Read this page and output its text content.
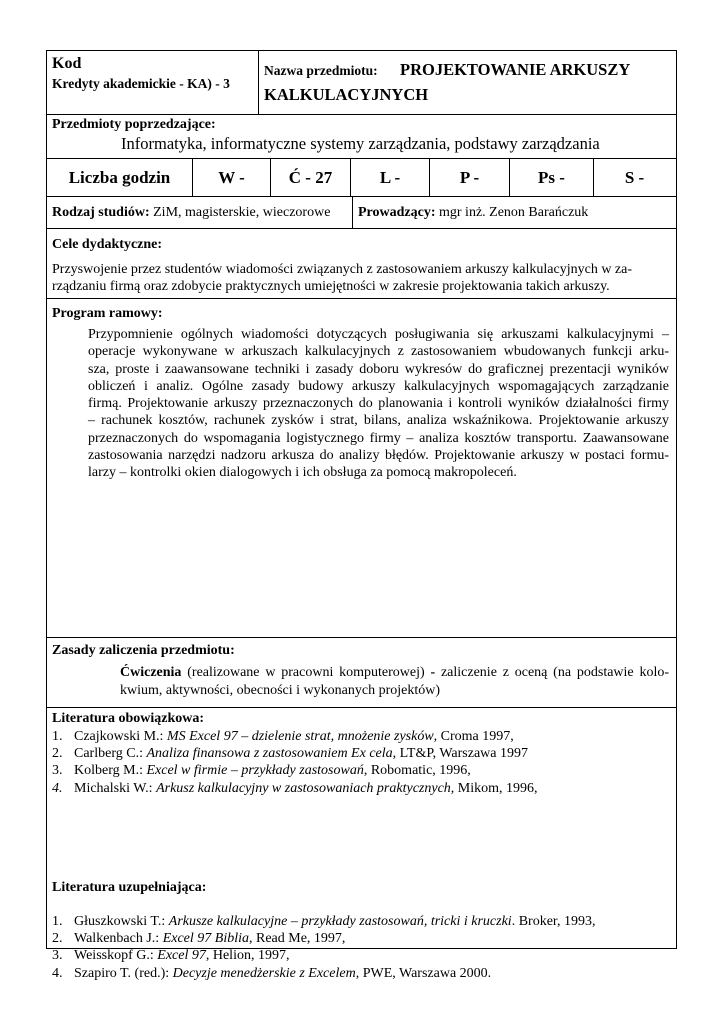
Kod
Kredyty akademickie - KA) - 3
Nazwa przedmiotu: PROJEKTOWANIE ARKUSZY
KALKULACYJNYCH
Przedmioty poprzedzające:
Informatyka, informatyczne systemy zarządzania, podstawy zarządzania
Liczba godzin	W -	Ć - 27	L -	P -	Ps -	S -
Rodzaj studiów: ZiM, magisterskie, wieczorowe Prowadzący: mgr inż. Zenon Barańczuk
Cele dydaktyczne:
Przyswojenie przez studentów wiadomości związanych z zastosowaniem arkuszy kalkulacyjnych w za-
rządzaniu firmą oraz zdobycie praktycznych umiejętności w zakresie projektowania takich arkuszy.
Program ramowy:
Przypomnienie ogólnych wiadomości dotyczących posługiwania się arkuszami kalkulacyjnymi –
operacje wykonywane w arkuszach kalkulacyjnych z zastosowaniem wbudowanych funkcji arku-
sza, proste i zaawansowane techniki i zasady doboru wykresów do graficznej prezentacji wyników
obliczeń i analiz. Ogólne zasady budowy arkuszy kalkulacyjnych wspomagających zarządzanie
firmą. Projektowanie arkuszy przeznaczonych do planowania i kontroli wyników działalności firmy
– rachunek kosztów, rachunek zysków i strat, bilans, analiza wskaźnikowa. Projektowanie arkuszy
przeznaczonych do wspomagania logistycznego firmy – analiza kosztów transportu. Zaawansowane
zastosowania narzędzi nadzoru arkusza do analizy błędów. Projektowanie arkuszy w postaci formu-
larzy – kontrolki okien dialogowych i ich obsługa za pomocą makropoleceń.
Zasady zaliczenia przedmiotu:
Ćwiczenia (realizowane w pracowni komputerowej) - zaliczenie z oceną (na podstawie kolo-
kwium, aktywności, obecności i wykonanych projektów)
Literatura obowiązkowa:
1. Czajkowski M.: MS Excel 97 – dzielenie strat, mnożenie zysków, Croma 1997,
2. Carlberg C.: Analiza finansowa z zastosowaniem Ex cela, LT&P, Warszawa 1997
3. Kolberg M.: Excel w firmie – przykłady zastosowań, Robomatic, 1996,
4. Michalski W.: Arkusz kalkulacyjny w zastosowaniach praktycznych, Mikom, 1996,
Literatura uzupełniająca:
1. Głuszkowski T.: Arkusze kalkulacyjne – przykłady zastosowań, tricki i kruczki. Broker, 1993,
2. Walkenbach J.: Excel 97 Biblia, Read Me, 1997,
3. Weisskopf G.: Excel 97, Helion, 1997,
4. Szapiro T. (red.): Decyzje menedżerskie z Excelem, PWE, Warszawa 2000.
